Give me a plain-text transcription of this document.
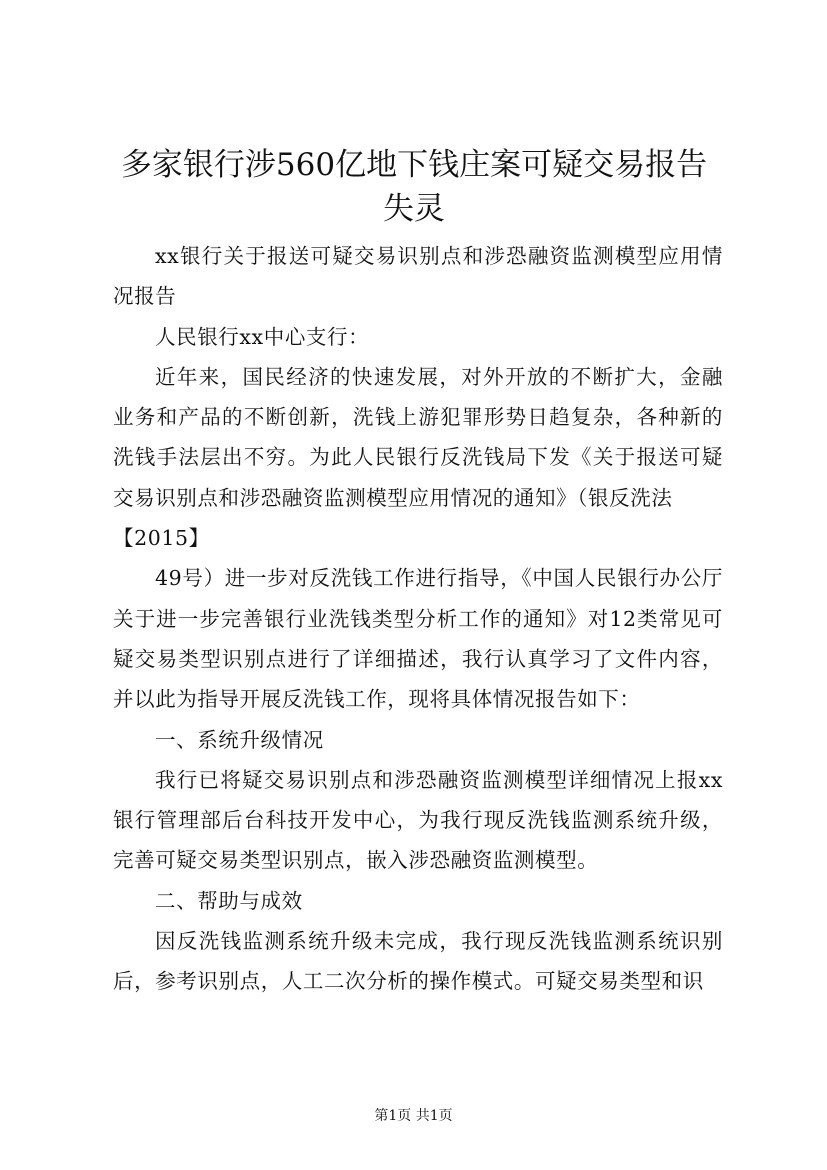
多家银行涉560亿地下钱庄案可疑交易报告失灵

xx银行关于报送可疑交易识别点和涉恐融资监测模型应用情况报告

人民银行xx中心支行：

近年来，国民经济的快速发展，对外开放的不断扩大，金融业务和产品的不断创新，洗钱上游犯罪形势日趋复杂，各种新的洗钱手法层出不穷。为此人民银行反洗钱局下发《关于报送可疑交易识别点和涉恐融资监测模型应用情况的通知》（银反洗法

【2015】

49号）进一步对反洗钱工作进行指导，《中国人民银行办公厅关于进一步完善银行业洗钱类型分析工作的通知》对12类常见可疑交易类型识别点进行了详细描述，我行认真学习了文件内容，并以此为指导开展反洗钱工作，现将具体情况报告如下：

一、系统升级情况

我行已将疑交易识别点和涉恐融资监测模型详细情况上报xx银行管理部后台科技开发中心，为我行现反洗钱监测系统升级，完善可疑交易类型识别点，嵌入涉恐融资监测模型。

二、帮助与成效

因反洗钱监测系统升级未完成，我行现反洗钱监测系统识别后，参考识别点，人工二次分析的操作模式。可疑交易类型和识

第1页 共1页
